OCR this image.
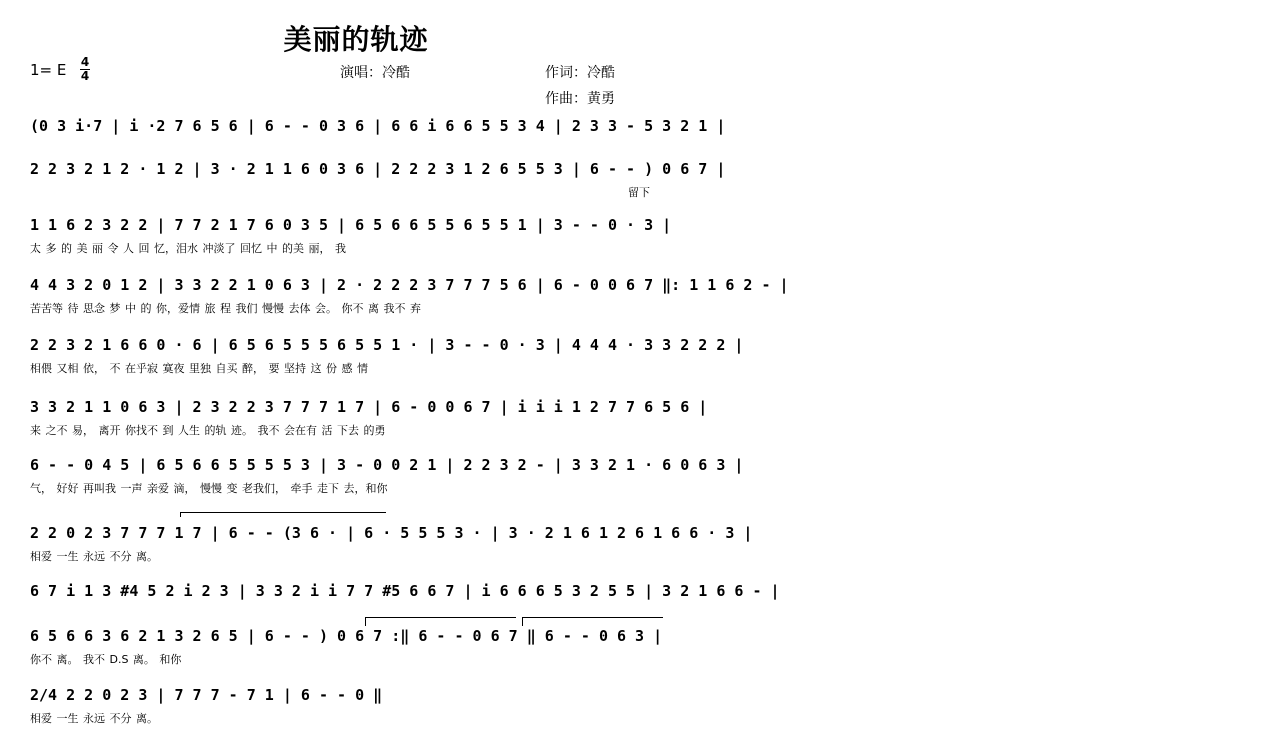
美丽的轨迹
1= E 4
4	演唱：冷酷	作词：冷酷
作曲：黄勇
(0 3 i·7 | i ·2 7 6 5 6 | 6 - - 0 3 6 | 6 6 i 6 6 5 5 3 4 | 2 3 3 - 5 3 2 1 |
2 2 3 2 1 2 · 1 2 | 3 · 2 1 1 6 0 3 6 | 2 2 2 3 1 2 6 5 5 3 | 6 - - ) 0 6 7 |
留下
1 1 6 2 3 2 2 | 7 7 2 1 7 6 0 3 5 | 6 5 6 6 5 5 6 5 5 1 | 3 - - 0 · 3 |
太 多 的 美 丽 令 人 回 忆，泪水 冲淡了 回忆 中 的美 丽， 我
4 4 3 2 0 1 2 | 3 3 2 2 1 0 6 3 | 2 · 2 2 2 3 7 7 7 5 6 | 6 - 0 0 6 7 ‖: 1 1 6 2 - |
苦苦等 待 思念 梦 中 的 你，爱情 旅 程 我们 慢慢 去体 会。 你不 离 我不 弃
2 2 3 2 1 6 6 0 · 6 | 6 5 6 5 5 5 6 5 5 1 · | 3 - - 0 · 3 | 4 4 4 · 3 3 2 2 2 |
相偎 又相 依， 不 在乎寂 寞夜 里独 自买 醉， 要 坚持 这 份 感 情
3 3 2 1 1 0 6 3 | 2 3 2 2 3 7 7 7 1 7 | 6 - 0 0 6 7 | i i i 1 2 7 7 6 5 6 |
来 之不 易， 离开 你找不 到 人生 的轨 迹。 我不 会在有 活 下去 的勇
6 - - 0 4 5 | 6 5 6 6 5 5 5 5 3 | 3 - 0 0 2 1 | 2 2 3 2 - | 3 3 2 1 · 6 0 6 3 |
气， 好好 再叫我 一声 亲爱 滴， 慢慢 变 老我们， 牵手 走下 去，和你
2 2 0 2 3 7 7 7 1 7 | 6 - - (3 6 · | 6 · 5 5 5 3 · | 3 · 2 1 6 1 2 6 1 6 6 · 3 |
相爱 一生 永远 不分 离。
6 7 i 1 3 #4 5 2 i 2 3 | 3 3 2 i i 7 7 #5 6 6 7 | i 6 6 6 5 3 2 5 5 | 3 2 1 6 6 - |
6 5 6 6 3 6 2 1 3 2 6 5 | 6 - - ) 0 6 7 :‖ 6 - - 0 6 7 ‖ 6 - - 0 6 3 |
你不 离。 我不 D.S 离。 和你
2/4 2 2 0 2 3 | 7 7 7 - 7 1 | 6 - - 0 ‖
相爱 一生 永远 不分 离。
